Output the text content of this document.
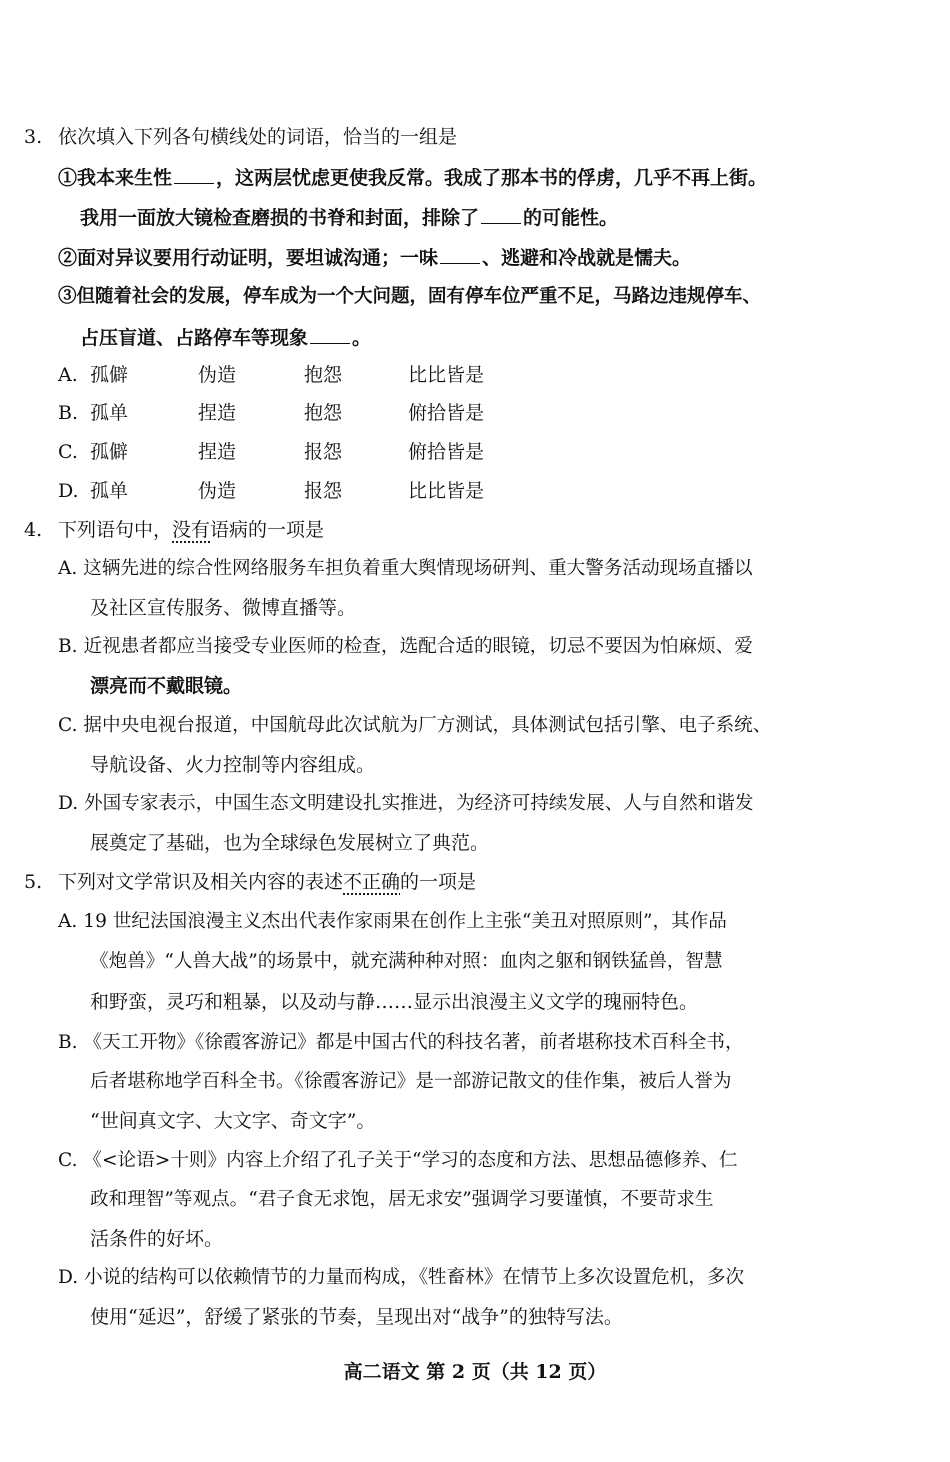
3. 依次填入下列各句横线处的词语，恰当的一组是
①我本来生性 ，这两层忧虑更使我反常。我成了那本书的俘虏，几乎不再上街。
我用一面放大镜检查磨损的书脊和封面，排除了 的可能性。
②面对异议要用行动证明，要坦诚沟通；一味 、逃避和冷战就是懦夫。
③但随着社会的发展，停车成为一个大问题，固有停车位严重不足，马路边违规停车、
占压盲道、占路停车等现象 。
A. 孤僻	伪造	抱怨	比比皆是
B. 孤单	捏造	抱怨	俯拾皆是
C. 孤僻	捏造	报怨	俯拾皆是
D. 孤单	伪造	报怨	比比皆是
4. 下列语句中，没有语病的一项是
A. 这辆先进的综合性网络服务车担负着重大舆情现场研判、重大警务活动现场直播以
及社区宣传服务、微博直播等。
B. 近视患者都应当接受专业医师的检查，选配合适的眼镜，切忌不要因为怕麻烦、爱
漂亮而不戴眼镜。
C. 据中央电视台报道，中国航母此次试航为厂方测试，具体测试包括引擎、电子系统、
导航设备、火力控制等内容组成。
D. 外国专家表示，中国生态文明建设扎实推进，为经济可持续发展、人与自然和谐发
展奠定了基础，也为全球绿色发展树立了典范。
5. 下列对文学常识及相关内容的表述不正确的一项是
A. 19 世纪法国浪漫主义杰出代表作家雨果在创作上主张“美丑对照原则”，其作品
《炮兽》“人兽大战”的场景中，就充满种种对照：血肉之躯和钢铁猛兽，智慧
和野蛮，灵巧和粗暴，以及动与静……显示出浪漫主义文学的瑰丽特色。
B. 《天工开物》《徐霞客游记》都是中国古代的科技名著，前者堪称技术百科全书，
后者堪称地学百科全书。《徐霞客游记》是一部游记散文的佳作集，被后人誉为
“世间真文字、大文字、奇文字”。
C. 《<论语>十则》内容上介绍了孔子关于“学习的态度和方法、思想品德修养、仁
政和理智”等观点。“君子食无求饱，居无求安”强调学习要谨慎，不要苛求生
活条件的好坏。
D. 小说的结构可以依赖情节的力量而构成，《牲畜林》在情节上多次设置危机，多次
使用“延迟”，舒缓了紧张的节奏，呈现出对“战争”的独特写法。
高二语文 第 2 页（共 12 页）
